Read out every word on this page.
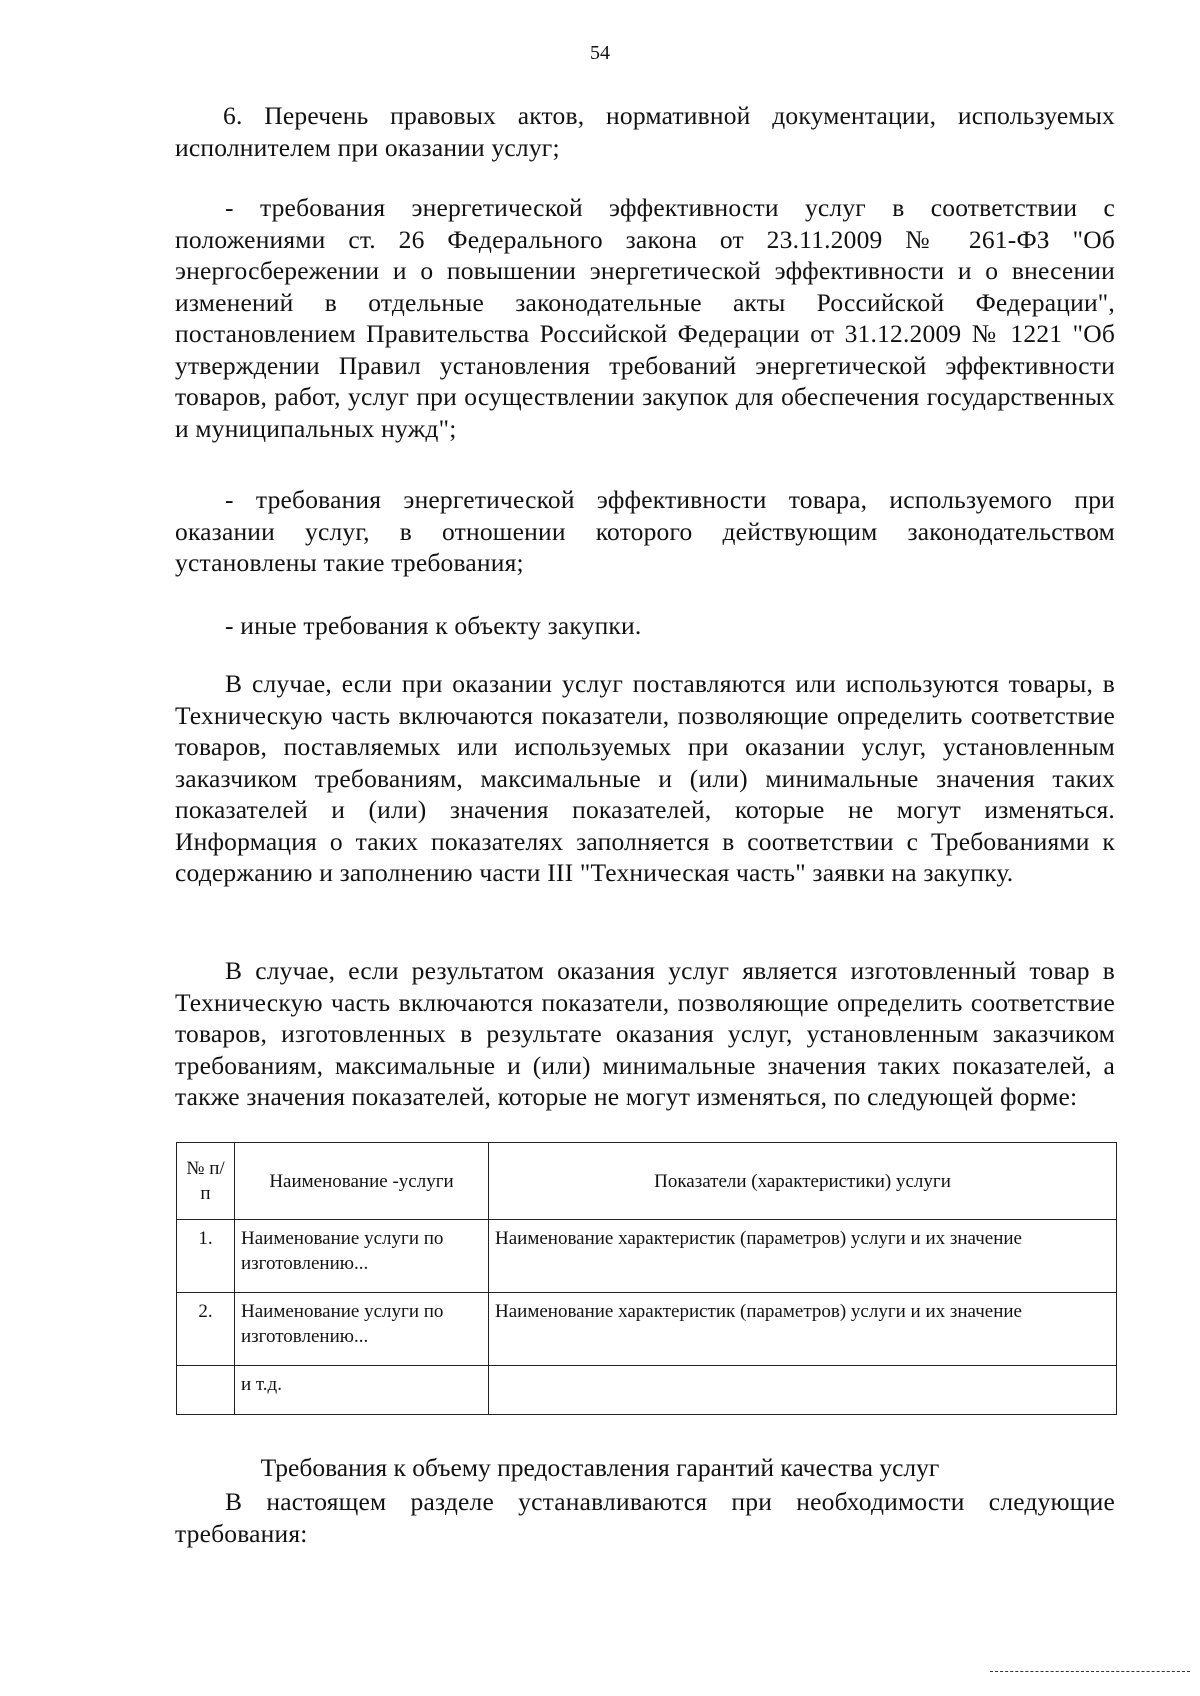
54
6. Перечень правовых актов, нормативной документации, используемых исполнителем при оказании услуг;
- требования энергетической эффективности услуг в соответствии с положениями ст. 26 Федерального закона от 23.11.2009 № 261-ФЗ "Об энергосбережении и о повышении энергетической эффективности и о внесении изменений в отдельные законодательные акты Российской Федерации", постановлением Правительства Российской Федерации от 31.12.2009 № 1221 "Об утверждении Правил установления требований энергетической эффективности товаров, работ, услуг при осуществлении закупок для обеспечения государственных и муниципальных нужд";
- требования энергетической эффективности товара, используемого при оказании услуг, в отношении которого действующим законодательством установлены такие требования;
- иные требования к объекту закупки.
В случае, если при оказании услуг поставляются или используются товары, в Техническую часть включаются показатели, позволяющие определить соответствие товаров, поставляемых или используемых при оказании услуг, установленным заказчиком требованиям, максимальные и (или) минимальные значения таких показателей и (или) значения показателей, которые не могут изменяться. Информация о таких показателях заполняется в соответствии с Требованиями к содержанию и заполнению части III "Техническая часть" заявки на закупку.
В случае, если результатом оказания услуг является изготовленный товар в Техническую часть включаются показатели, позволяющие определить соответствие товаров, изготовленных в результате оказания услуг, установленным заказчиком требованиям, максимальные и (или) минимальные значения таких показателей, а также значения показателей, которые не могут изменяться, по следующей форме:
№ п/п	Наименование -услуги	Показатели (характеристики) услуги
1.	Наименование услуги по изготовлению...	Наименование характеристик (параметров) услуги и их значение
2.	Наименование услуги по изготовлению...	Наименование характеристик (параметров) услуги и их значение
	и т.д.	
Требования к объему предоставления гарантий качества услуг
В настоящем разделе устанавливаются при необходимости следующие требования:
